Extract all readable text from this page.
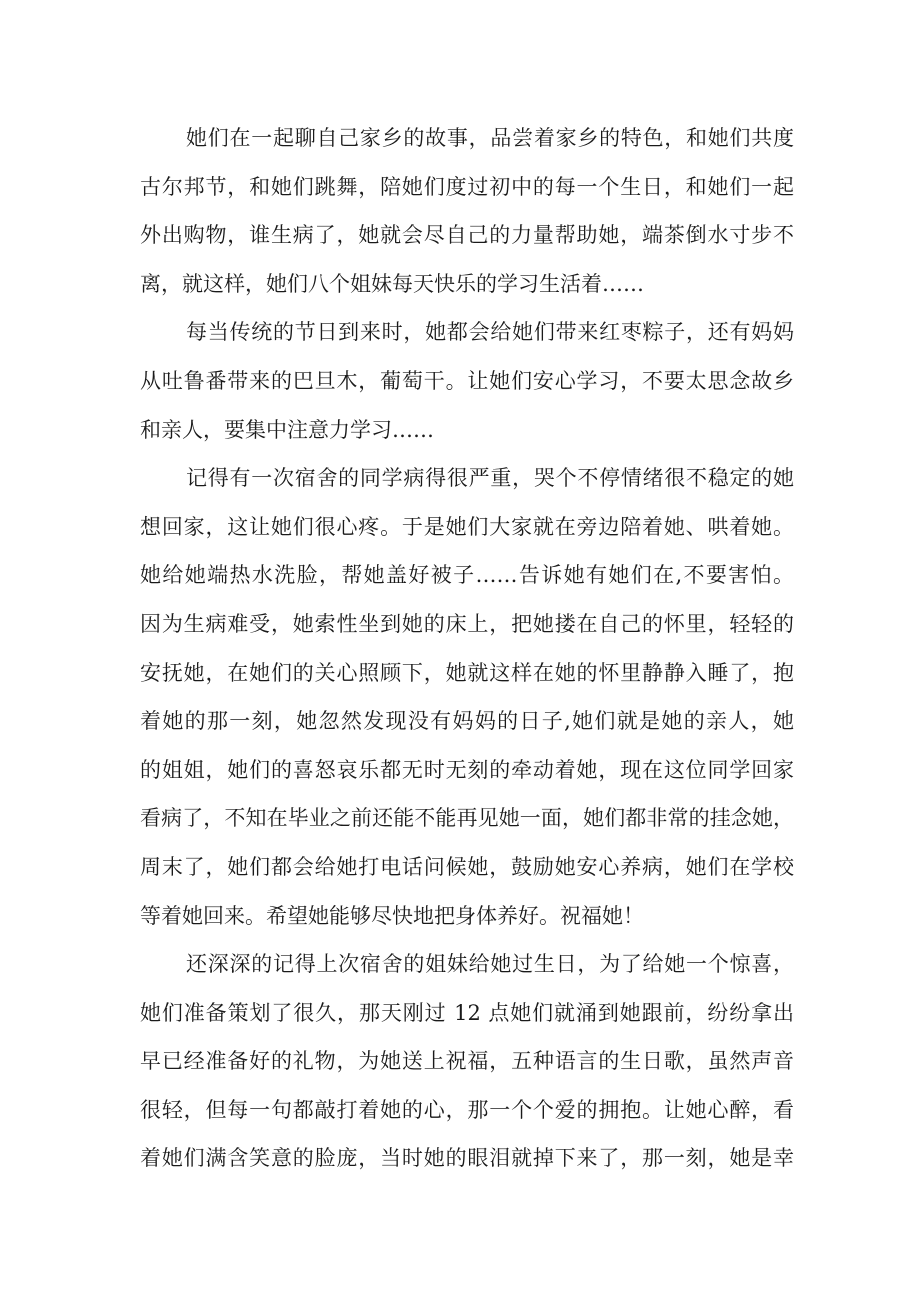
她们在一起聊自己家乡的故事，品尝着家乡的特色，和她们共度
古尔邦节，和她们跳舞，陪她们度过初中的每一个生日，和她们一起
外出购物，谁生病了，她就会尽自己的力量帮助她，端茶倒水寸步不
离，就这样，她们八个姐妹每天快乐的学习生活着……
每当传统的节日到来时，她都会给她们带来红枣粽子，还有妈妈
从吐鲁番带来的巴旦木，葡萄干。让她们安心学习，不要太思念故乡
和亲人，要集中注意力学习……
记得有一次宿舍的同学病得很严重，哭个不停情绪很不稳定的她
想回家，这让她们很心疼。于是她们大家就在旁边陪着她、哄着她。
她给她端热水洗脸，帮她盖好被子……告诉她有她们在,不要害怕。
因为生病难受，她索性坐到她的床上，把她搂在自己的怀里，轻轻的
安抚她，在她们的关心照顾下，她就这样在她的怀里静静入睡了，抱
着她的那一刻，她忽然发现没有妈妈的日子,她们就是她的亲人，她
的姐姐，她们的喜怒哀乐都无时无刻的牵动着她，现在这位同学回家
看病了，不知在毕业之前还能不能再见她一面，她们都非常的挂念她，
周末了，她们都会给她打电话问候她，鼓励她安心养病，她们在学校
等着她回来。希望她能够尽快地把身体养好。祝福她！
还深深的记得上次宿舍的姐妹给她过生日，为了给她一个惊喜，
她们准备策划了很久，那天刚过 12 点她们就涌到她跟前，纷纷拿出
早已经准备好的礼物，为她送上祝福，五种语言的生日歌，虽然声音
很轻，但每一句都敲打着她的心，那一个个爱的拥抱。让她心醉，看
着她们满含笑意的脸庞，当时她的眼泪就掉下来了，那一刻，她是幸
